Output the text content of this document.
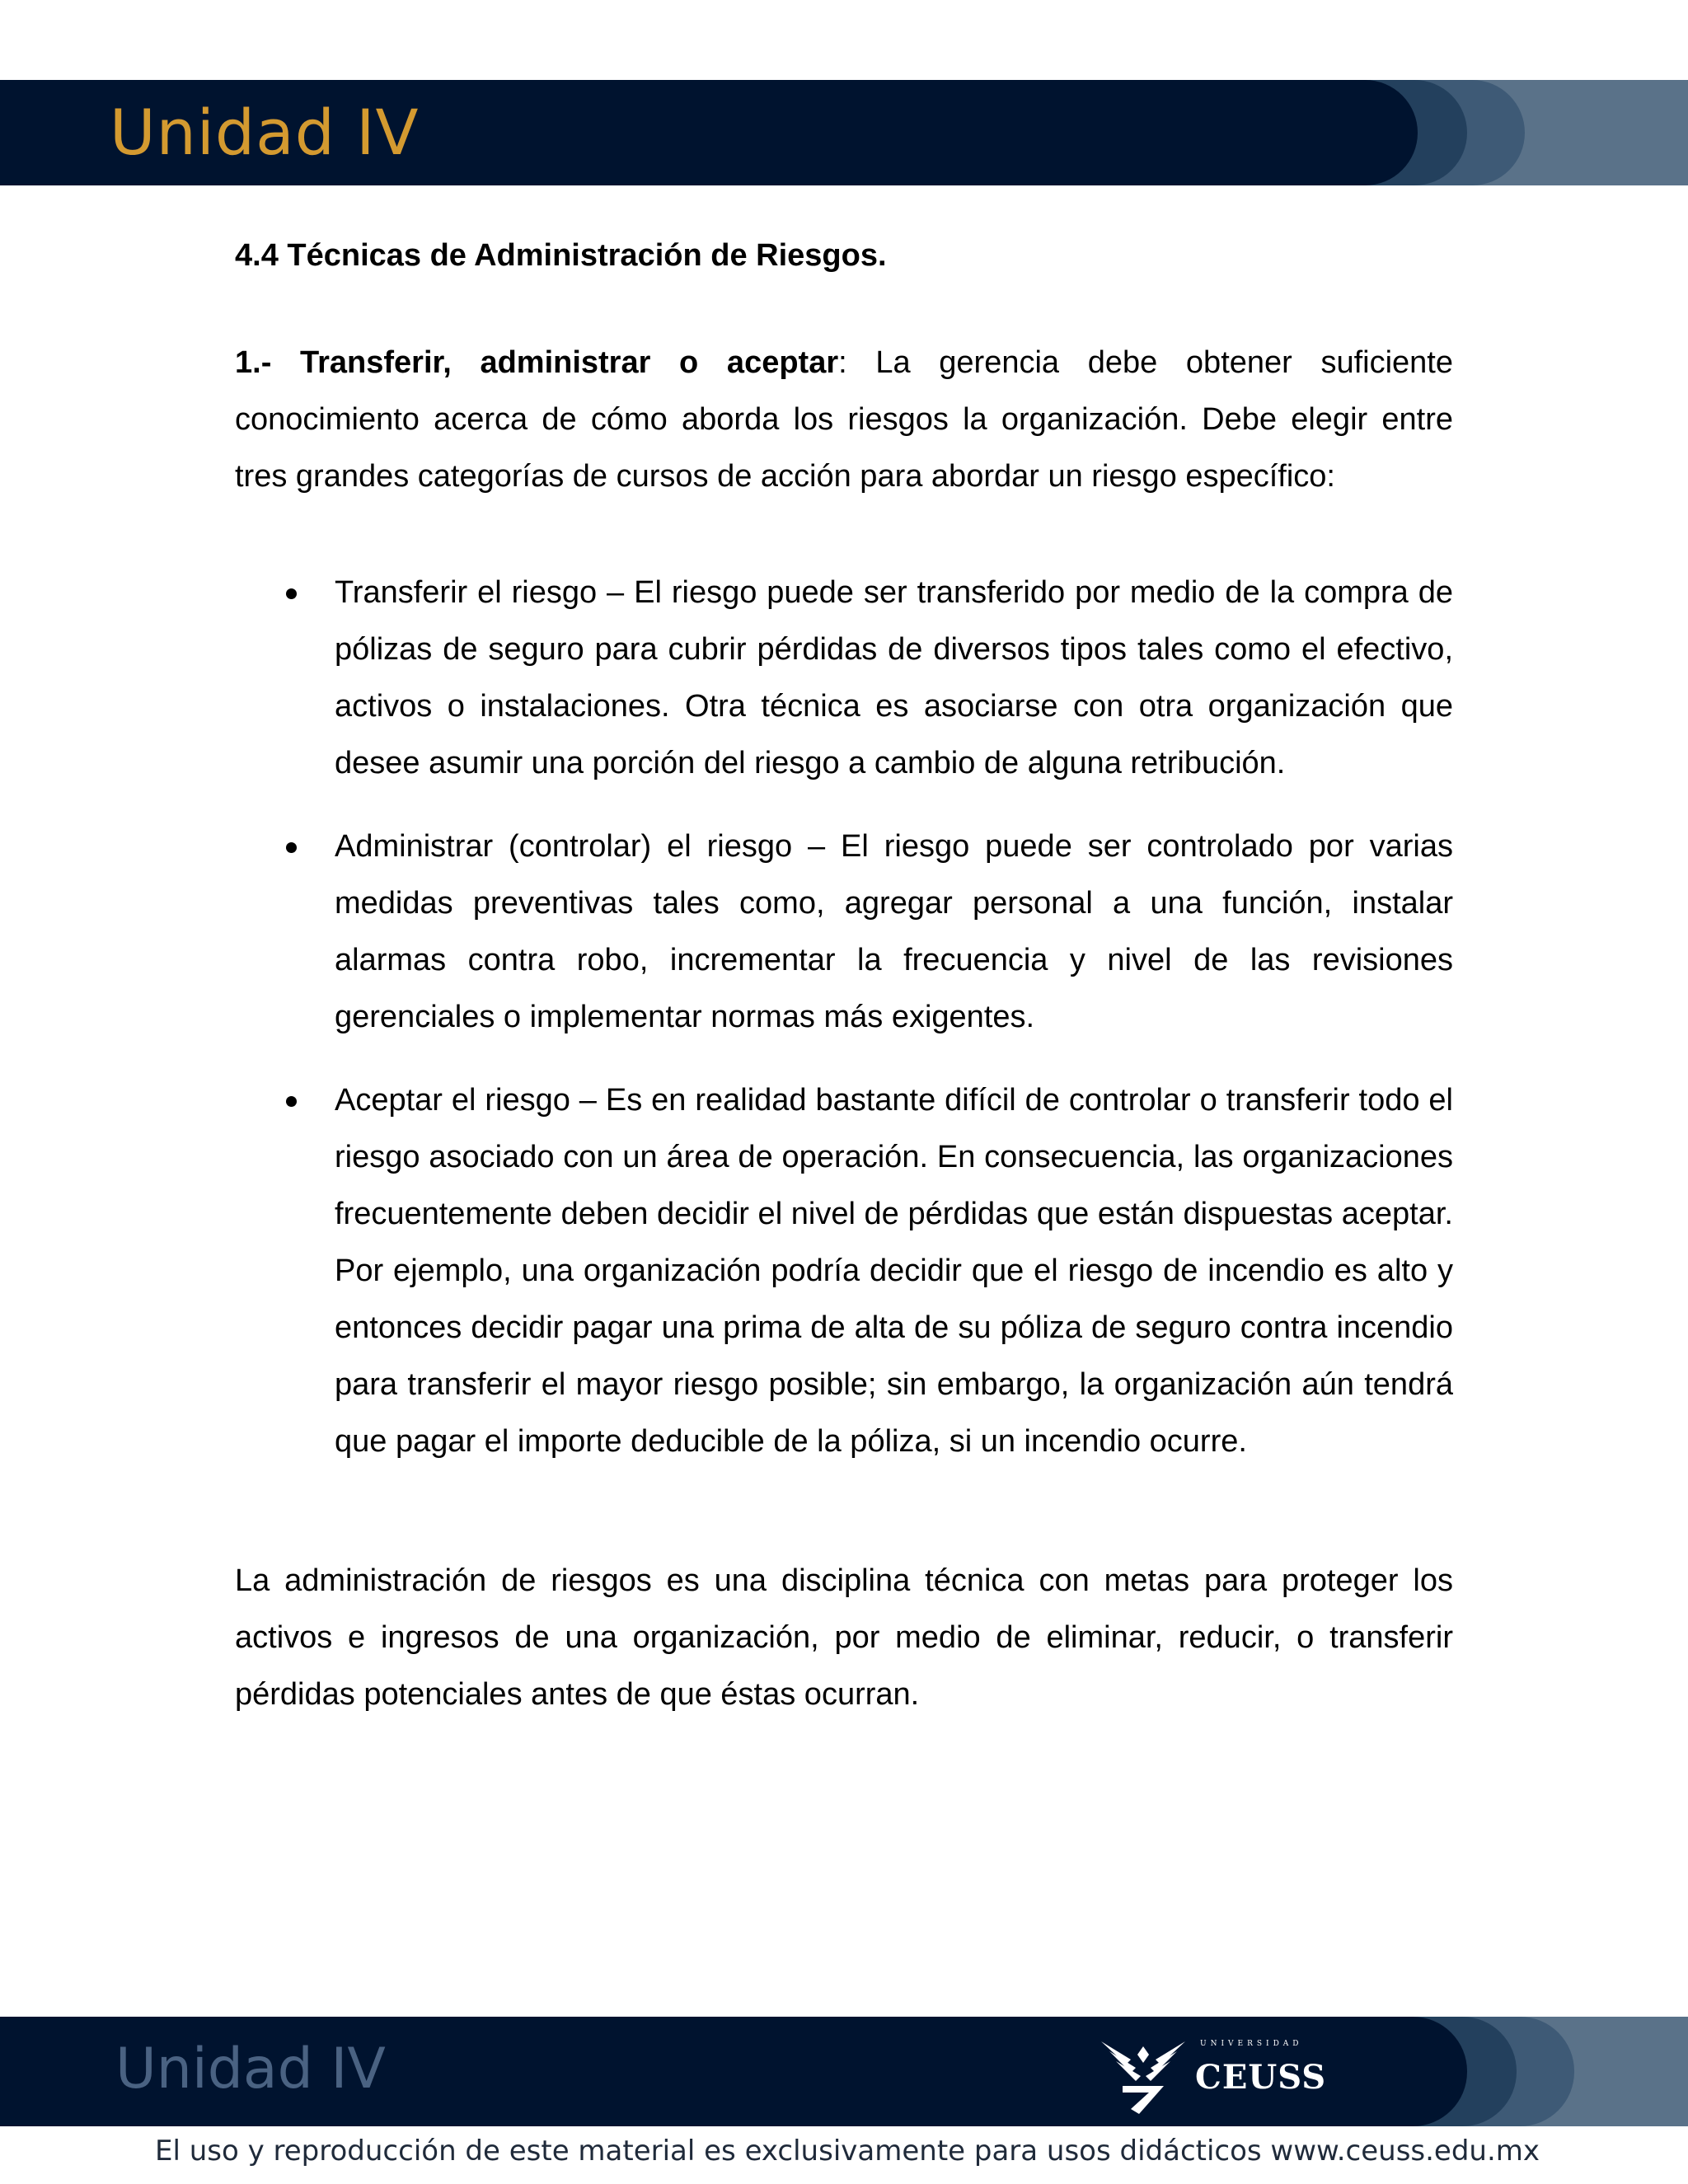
Unidad IV
4.4 Técnicas de Administración de Riesgos.

1.- Transferir, administrar o aceptar: La gerencia debe obtener suficiente conocimiento acerca de cómo aborda los riesgos la organización. Debe elegir entre tres grandes categorías de cursos de acción para abordar un riesgo específico:

Transferir el riesgo – El riesgo puede ser transferido por medio de la compra de pólizas de seguro para cubrir pérdidas de diversos tipos tales como el efectivo, activos o instalaciones. Otra técnica es asociarse con otra organización que desee asumir una porción del riesgo a cambio de alguna retribución.
Administrar (controlar) el riesgo – El riesgo puede ser controlado por varias medidas preventivas tales como, agregar personal a una función, instalar alarmas contra robo, incrementar la frecuencia y nivel de las revisiones gerenciales o implementar normas más exigentes.
Aceptar el riesgo – Es en realidad bastante difícil de controlar o transferir todo el riesgo asociado con un área de operación. En consecuencia, las organizaciones frecuentemente deben decidir el nivel de pérdidas que están dispuestas aceptar. Por ejemplo, una organización podría decidir que el riesgo de incendio es alto y entonces decidir pagar una prima de alta de su póliza de seguro contra incendio para transferir el mayor riesgo posible; sin embargo, la organización aún tendrá que pagar el importe deducible de la póliza, si un incendio ocurre.

La administración de riesgos es una disciplina técnica con metas para proteger los activos e ingresos de una organización, por medio de eliminar, reducir, o transferir pérdidas potenciales antes de que éstas ocurran.

Unidad IV	UNIVERSIDAD
CEUSS
El uso y reproducción de este material es exclusivamente para usos didácticos www.ceuss.edu.mx
